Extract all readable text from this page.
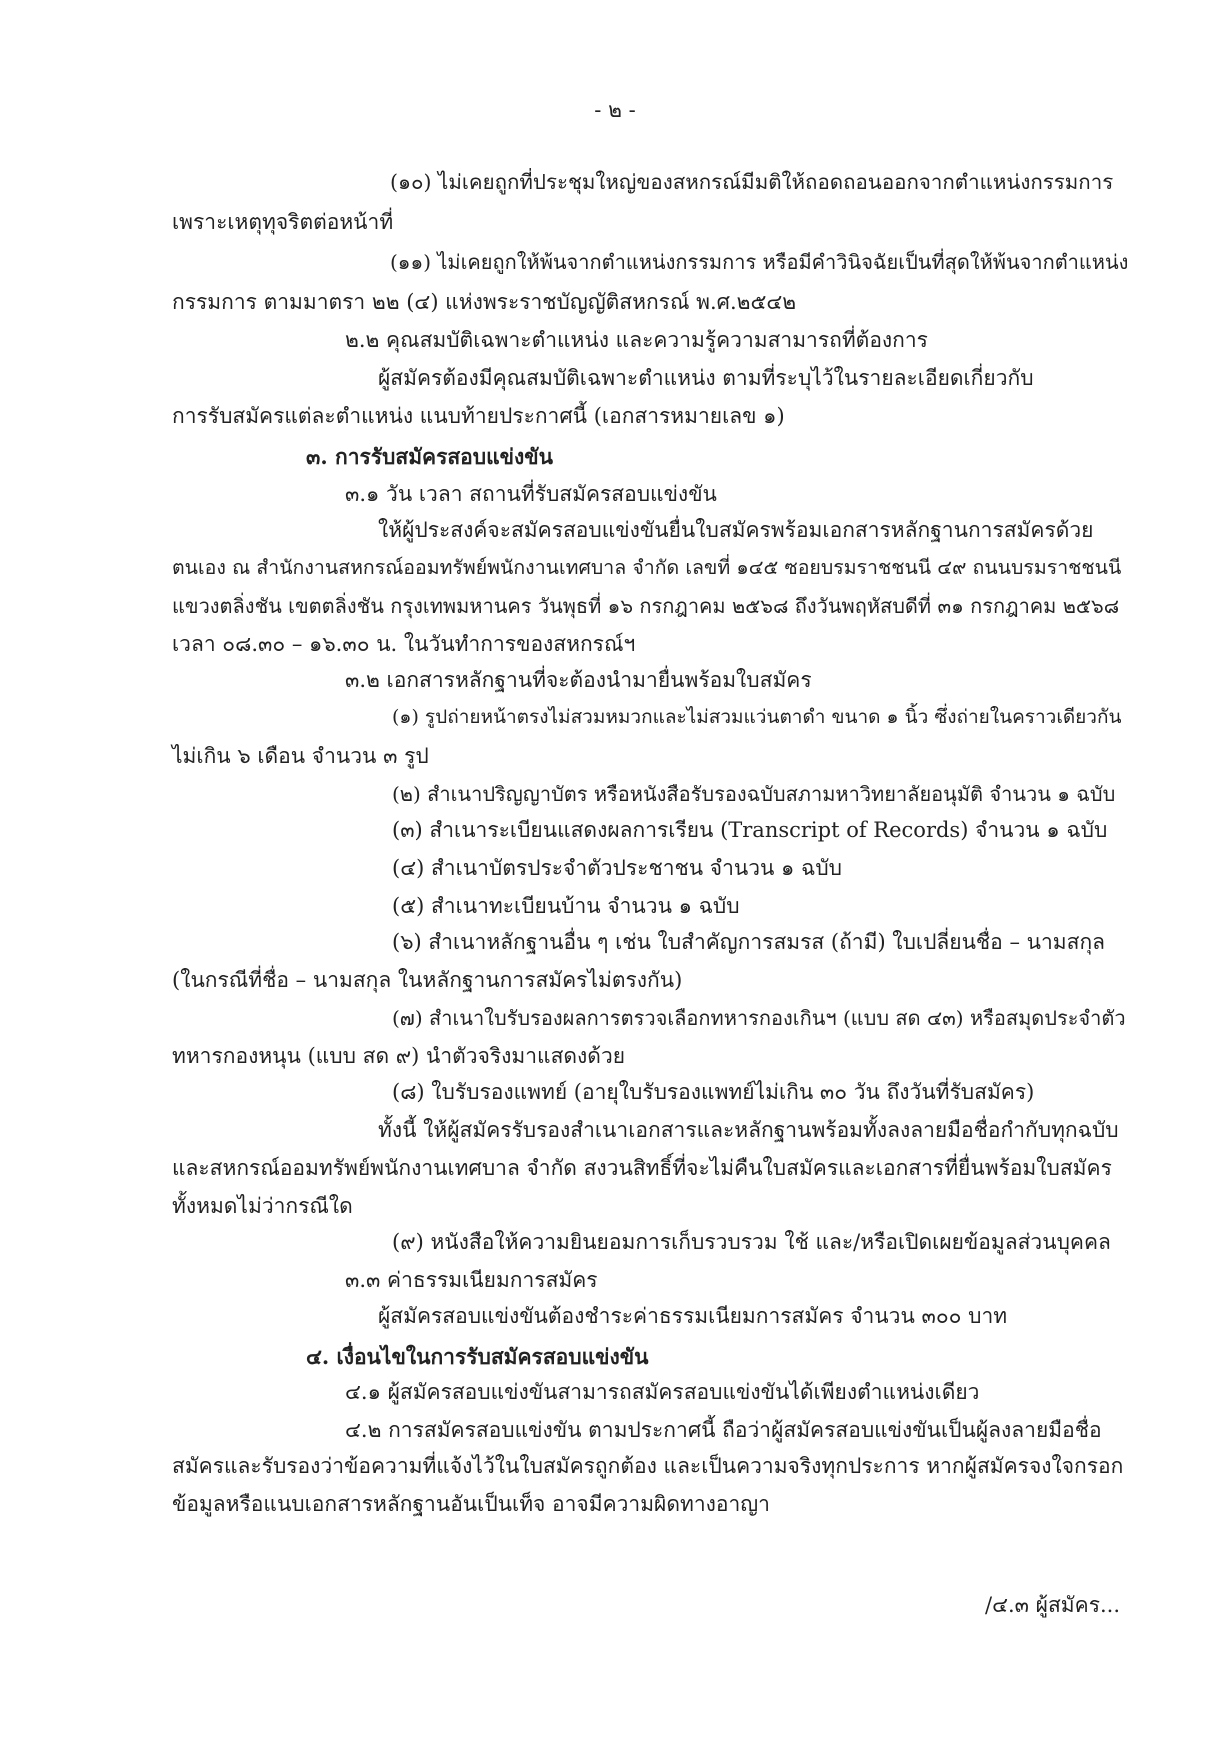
- ๒ -
(๑๐) ไม่เคยถูกที่ประชุมใหญ่ของสหกรณ์มีมติให้ถอดถอนออกจากตำแหน่งกรรมการ
เพราะเหตุทุจริตต่อหน้าที่
(๑๑) ไม่เคยถูกให้พ้นจากตำแหน่งกรรมการ หรือมีคำวินิจฉัยเป็นที่สุดให้พ้นจากตำแหน่ง
กรรมการ ตามมาตรา ๒๒ (๔) แห่งพระราชบัญญัติสหกรณ์ พ.ศ.๒๕๔๒
๒.๒ คุณสมบัติเฉพาะตำแหน่ง และความรู้ความสามารถที่ต้องการ
ผู้สมัครต้องมีคุณสมบัติเฉพาะตำแหน่ง ตามที่ระบุไว้ในรายละเอียดเกี่ยวกับ
การรับสมัครแต่ละตำแหน่ง แนบท้ายประกาศนี้ (เอกสารหมายเลข ๑)
๓. การรับสมัครสอบแข่งขัน
๓.๑ วัน เวลา สถานที่รับสมัครสอบแข่งขัน
ให้ผู้ประสงค์จะสมัครสอบแข่งขันยื่นใบสมัครพร้อมเอกสารหลักฐานการสมัครด้วย
ตนเอง ณ สำนักงานสหกรณ์ออมทรัพย์พนักงานเทศบาล จำกัด เลขที่ ๑๔๕ ซอยบรมราชชนนี ๔๙ ถนนบรมราชชนนี
แขวงตลิ่งชัน เขตตลิ่งชัน กรุงเทพมหานคร วันพุธที่ ๑๖ กรกฎาคม ๒๕๖๘ ถึงวันพฤหัสบดีที่ ๓๑ กรกฎาคม ๒๕๖๘
เวลา ๐๘.๓๐ – ๑๖.๓๐ น. ในวันทำการของสหกรณ์ฯ
๓.๒ เอกสารหลักฐานที่จะต้องนำมายื่นพร้อมใบสมัคร
(๑) รูปถ่ายหน้าตรงไม่สวมหมวกและไม่สวมแว่นตาดำ ขนาด ๑ นิ้ว ซึ่งถ่ายในคราวเดียวกัน
ไม่เกิน ๖ เดือน จำนวน ๓ รูป
(๒) สำเนาปริญญาบัตร หรือหนังสือรับรองฉบับสภามหาวิทยาลัยอนุมัติ จำนวน ๑ ฉบับ
(๓) สำเนาระเบียนแสดงผลการเรียน (Transcript of Records) จำนวน ๑ ฉบับ
(๔) สำเนาบัตรประจำตัวประชาชน จำนวน ๑ ฉบับ
(๕) สำเนาทะเบียนบ้าน จำนวน ๑ ฉบับ
(๖) สำเนาหลักฐานอื่น ๆ เช่น ใบสำคัญการสมรส (ถ้ามี) ใบเปลี่ยนชื่อ – นามสกุล
(ในกรณีที่ชื่อ – นามสกุล ในหลักฐานการสมัครไม่ตรงกัน)
(๗) สำเนาใบรับรองผลการตรวจเลือกทหารกองเกินฯ (แบบ สด ๔๓) หรือสมุดประจำตัว
ทหารกองหนุน (แบบ สด ๙) นำตัวจริงมาแสดงด้วย
(๘) ใบรับรองแพทย์ (อายุใบรับรองแพทย์ไม่เกิน ๓๐ วัน ถึงวันที่รับสมัคร)
ทั้งนี้ ให้ผู้สมัครรับรองสำเนาเอกสารและหลักฐานพร้อมทั้งลงลายมือชื่อกำกับทุกฉบับ
และสหกรณ์ออมทรัพย์พนักงานเทศบาล จำกัด สงวนสิทธิ์ที่จะไม่คืนใบสมัครและเอกสารที่ยื่นพร้อมใบสมัคร
ทั้งหมดไม่ว่ากรณีใด
(๙) หนังสือให้ความยินยอมการเก็บรวบรวม ใช้ และ/หรือเปิดเผยข้อมูลส่วนบุคคล
๓.๓ ค่าธรรมเนียมการสมัคร
ผู้สมัครสอบแข่งขันต้องชำระค่าธรรมเนียมการสมัคร จำนวน ๓๐๐ บาท
๔. เงื่อนไขในการรับสมัครสอบแข่งขัน
๔.๑ ผู้สมัครสอบแข่งขันสามารถสมัครสอบแข่งขันได้เพียงตำแหน่งเดียว
๔.๒ การสมัครสอบแข่งขัน ตามประกาศนี้ ถือว่าผู้สมัครสอบแข่งขันเป็นผู้ลงลายมือชื่อ
สมัครและรับรองว่าข้อความที่แจ้งไว้ในใบสมัครถูกต้อง และเป็นความจริงทุกประการ หากผู้สมัครจงใจกรอก
ข้อมูลหรือแนบเอกสารหลักฐานอันเป็นเท็จ อาจมีความผิดทางอาญา
/๔.๓ ผู้สมัคร...
